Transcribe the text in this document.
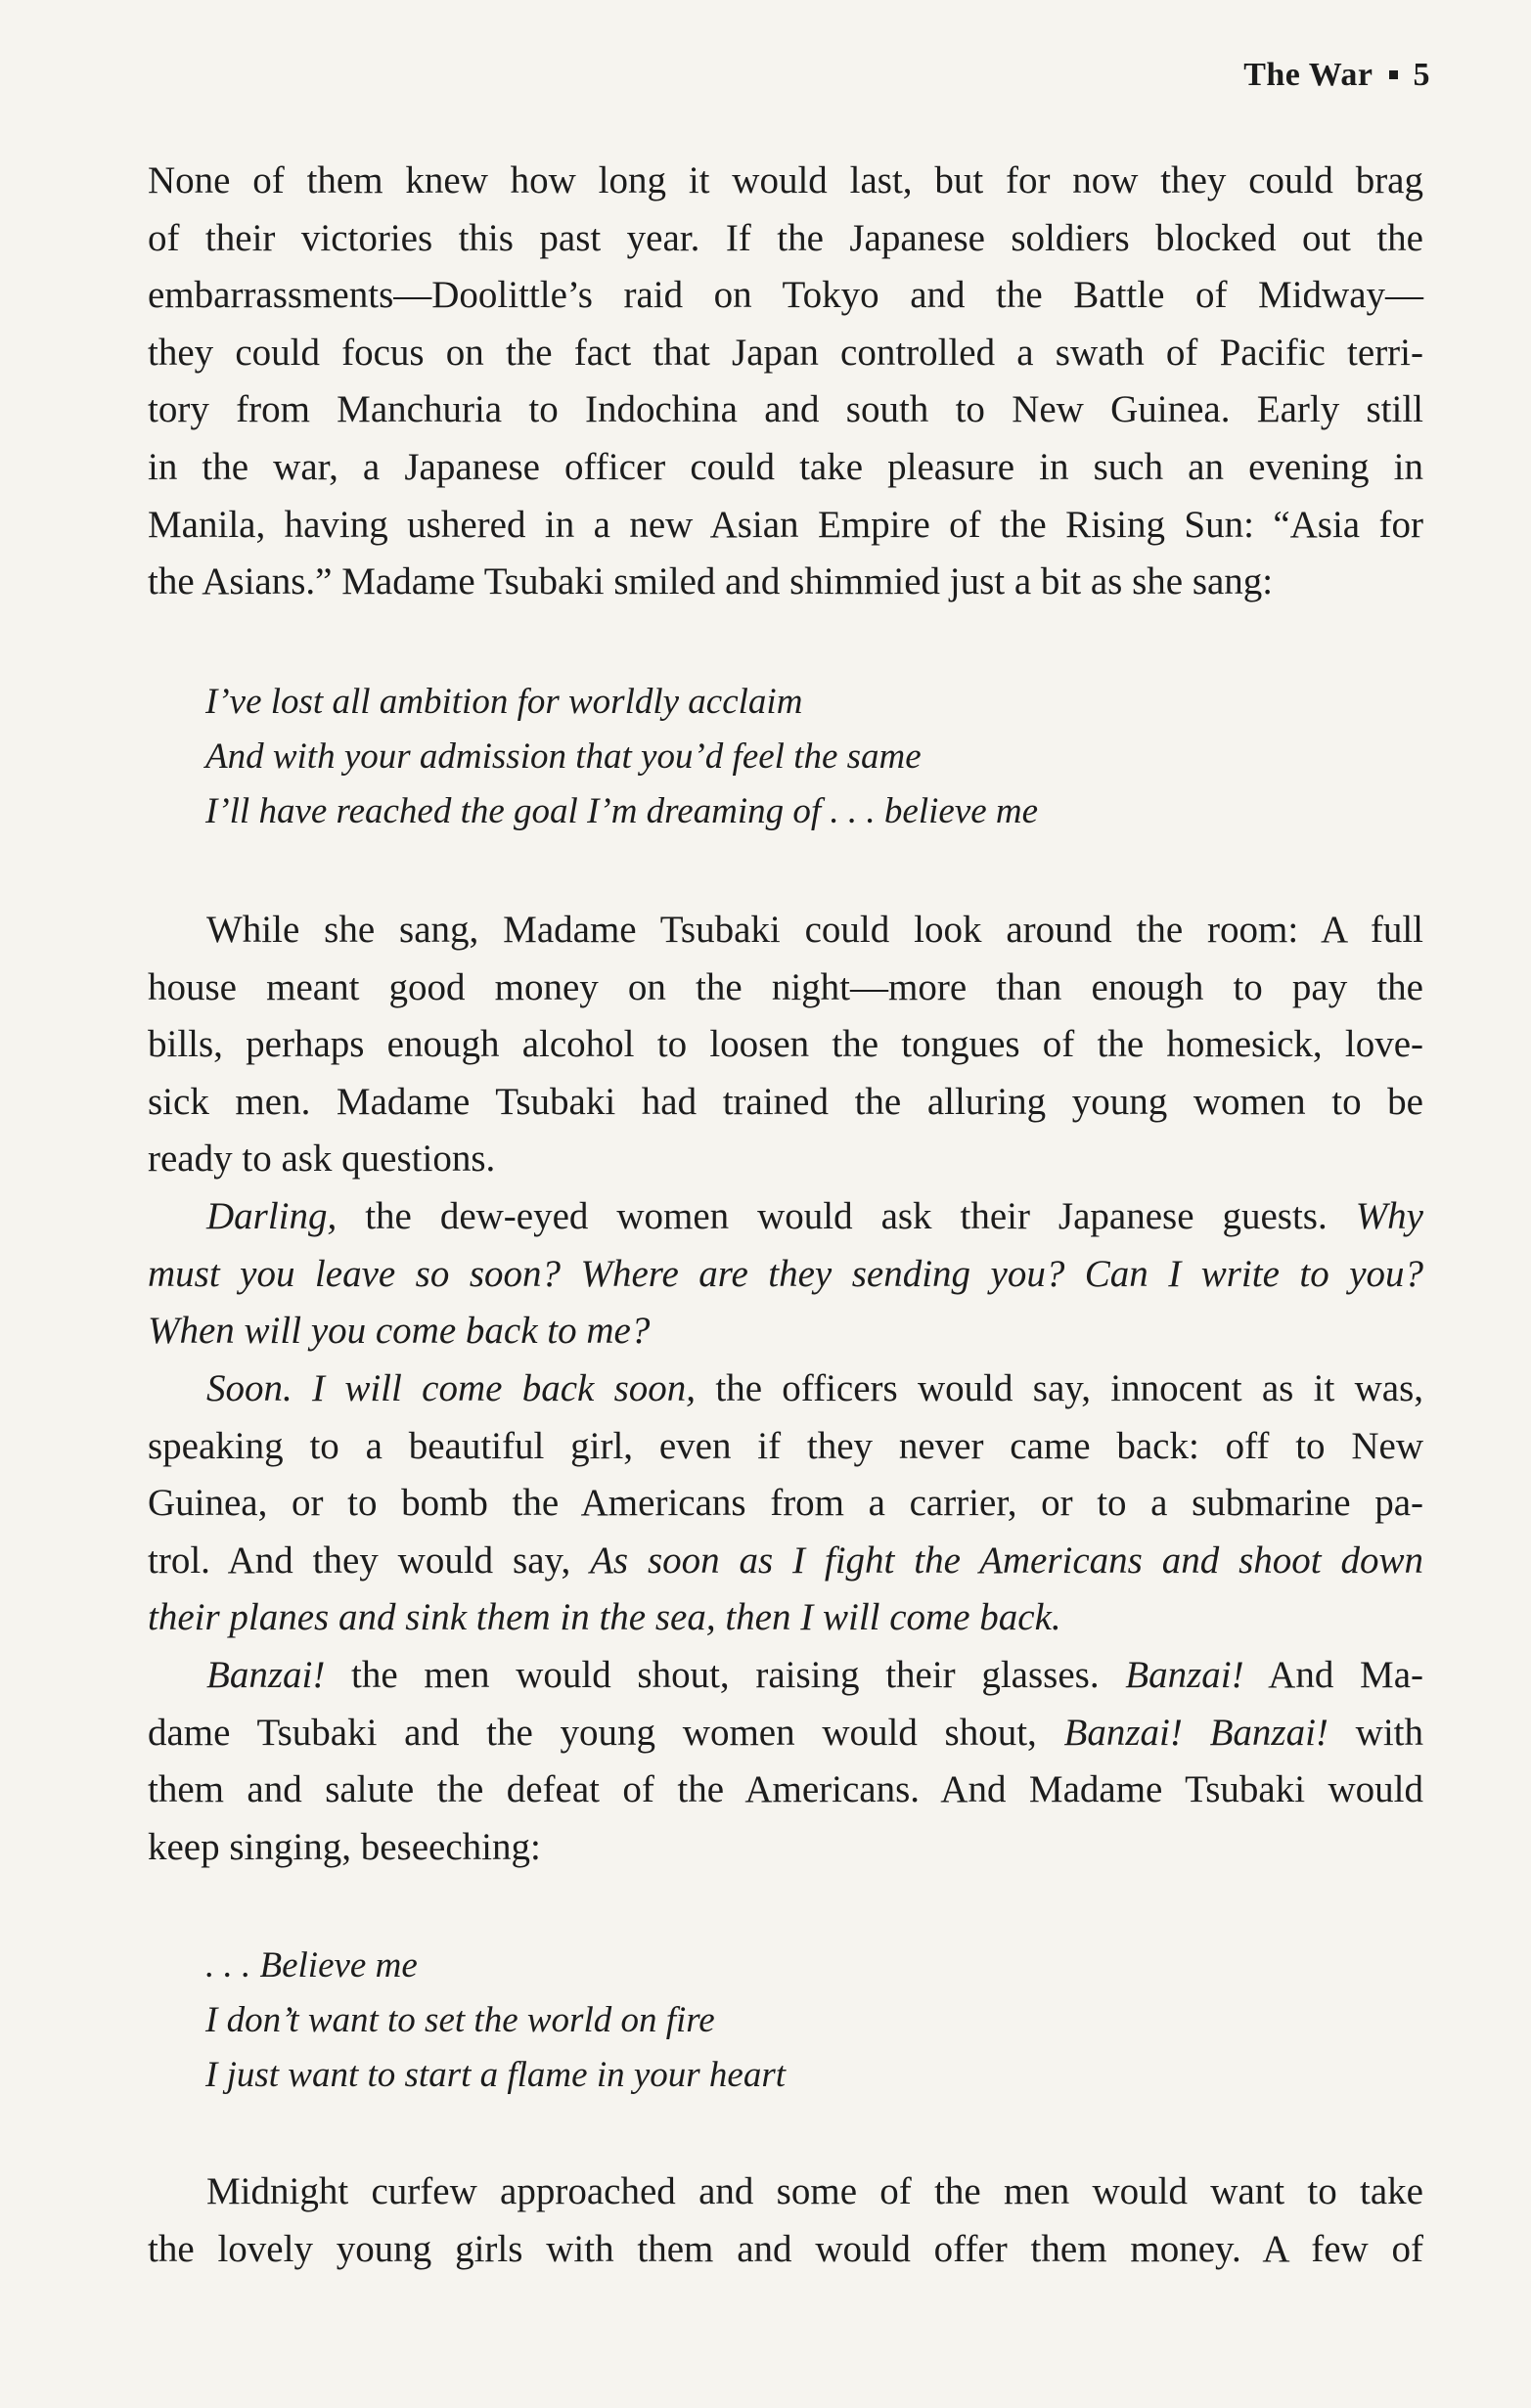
The War 5
None of them knew how long it would last, but for now they could brag
of their victories this past year. If the Japanese soldiers blocked out the
embarrassments—Doolittle’s raid on Tokyo and the Battle of Midway—
they could focus on the fact that Japan controlled a swath of Pacific terri-
tory from Manchuria to Indochina and south to New Guinea. Early still
in the war, a Japanese officer could take pleasure in such an evening in
Manila, having ushered in a new Asian Empire of the Rising Sun: “Asia for
the Asians.” Madame Tsubaki smiled and shimmied just a bit as she sang:
I’ve lost all ambition for worldly acclaim
And with your admission that you’d feel the same
I’ll have reached the goal I’m dreaming of . . . believe me
While she sang, Madame Tsubaki could look around the room: A full
house meant good money on the night—more than enough to pay the
bills, perhaps enough alcohol to loosen the tongues of the homesick, love-
sick men. Madame Tsubaki had trained the alluring young women to be
ready to ask questions.
Darling, the dew-eyed women would ask their Japanese guests. Why
must you leave so soon? Where are they sending you? Can I write to you?
When will you come back to me?
Soon. I will come back soon, the officers would say, innocent as it was,
speaking to a beautiful girl, even if they never came back: off to New
Guinea, or to bomb the Americans from a carrier, or to a submarine pa-
trol. And they would say, As soon as I fight the Americans and shoot down
their planes and sink them in the sea, then I will come back.
Banzai! the men would shout, raising their glasses. Banzai! And Ma-
dame Tsubaki and the young women would shout, Banzai! Banzai! with
them and salute the defeat of the Americans. And Madame Tsubaki would
keep singing, beseeching:
. . . Believe me
I don’t want to set the world on fire
I just want to start a flame in your heart
Midnight curfew approached and some of the men would want to take
the lovely young girls with them and would offer them money. A few of
